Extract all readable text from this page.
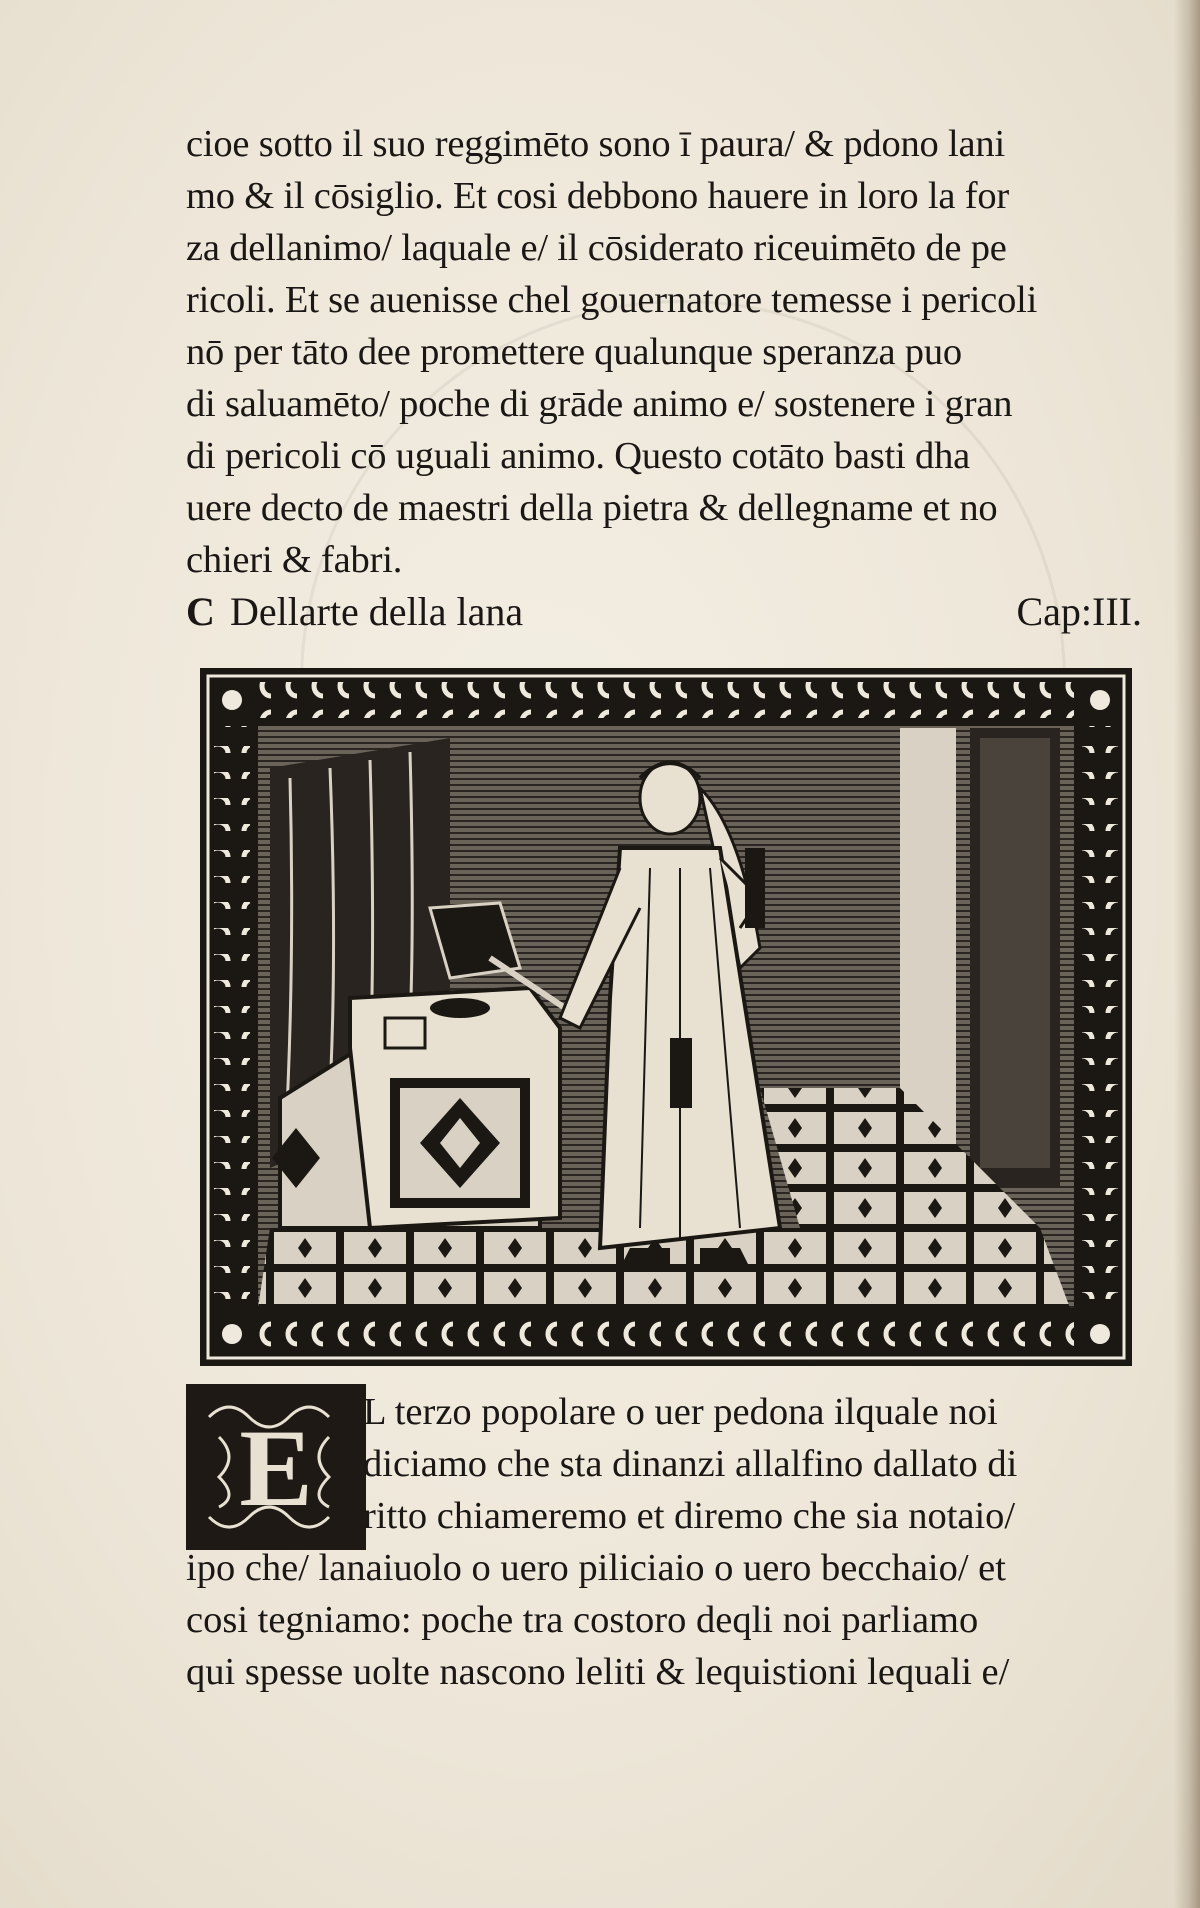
cioe sotto il suo reggimēto sono ī paura/ & pdono lani
mo & il cōsiglio. Et cosi debbono hauere in loro la for
za dellanimo/ laquale e/ il cōsiderato riceuimēto de pe
ricoli. Et se auenisse chel gouernatore temesse i pericoli
nō per tāto dee promettere qualunque speranza puo
di saluamēto/ poche di grāde animo e/ sostenere i gran
di pericoli cō uguali animo. Questo cotāto basti dha
uere decto de maestri della pietra & dellegname et no
chieri & fabri.
C Dellarte della lana	Cap:III.
E L terzo popolare o uer pedona ilquale noi
diciamo che sta dinanzi allalfino dallato di
ritto chiameremo et diremo che sia notaio/
ipo che/ lanaiuolo o uero piliciaio o uero becchaio/ et
cosi tegniamo: poche tra costoro deqli noi parliamo
qui spesse uolte nascono leliti & lequistioni lequali e/
